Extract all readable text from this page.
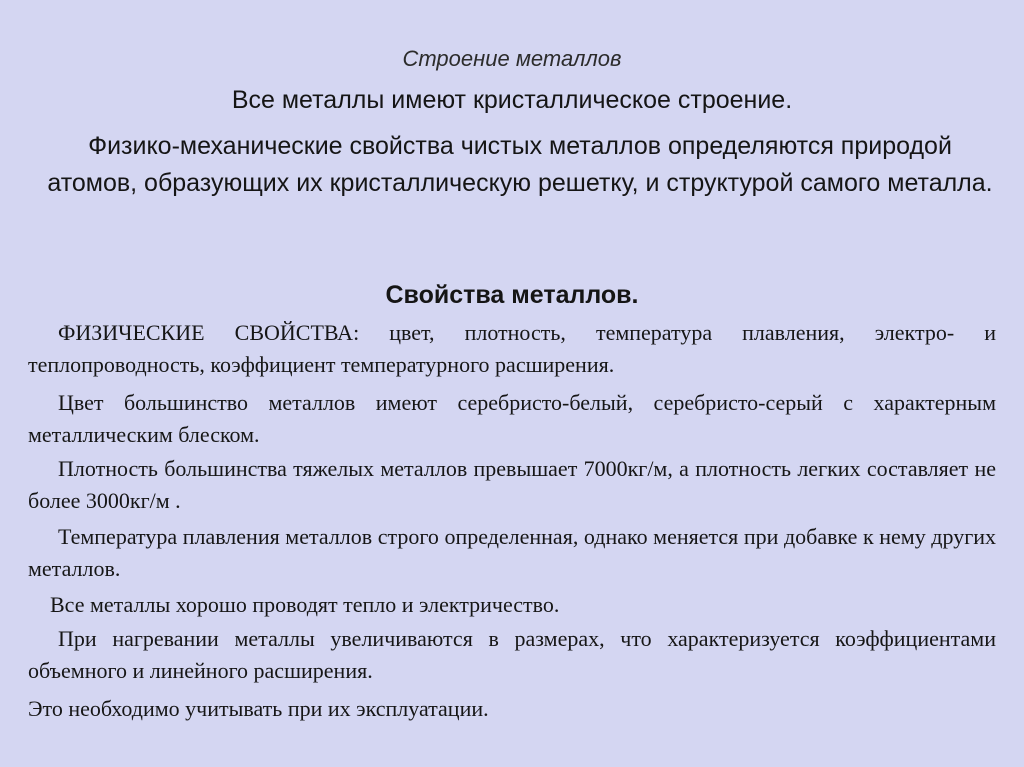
Строение металлов

Все металлы имеют кристаллическое строение.

Физико-механические свойства чистых металлов определяются природой атомов, образующих их кристаллическую решетку, и структурой самого металла.

Свойства металлов.

ФИЗИЧЕСКИЕ СВОЙСТВА: цвет, плотность, температура плавления, электро- и теплопроводность, коэффициент температурного расширения.

Цвет большинство металлов имеют серебристо-белый, серебристо-серый с характерным металлическим блеском.

Плотность большинства тяжелых металлов превышает 7000кг/м, а плотность легких составляет не более 3000кг/м .

Температура плавления металлов строго определенная, однако меняется при добавке к нему других металлов.

Все металлы хорошо проводят тепло и электричество.

При нагревании металлы увеличиваются в размерах, что характеризуется коэффициентами объемного и линейного расширения.

Это необходимо учитывать при их эксплуатации.
